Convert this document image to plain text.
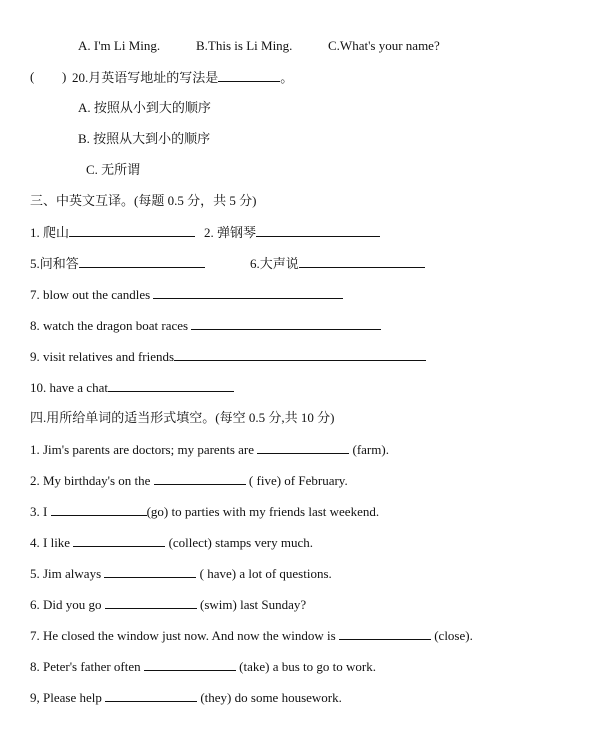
A. I'm Li Ming.	B.This is Li Ming.	C.What's your name?
( ) 20.月英语写地址的写法是	。
A. 按照从小到大的顺序
B. 按照从大到小的顺序
C. 无所谓
三、中英文互译。(每题 0.5 分，共 5 分)
1. 爬山	2. 弹钢琴
5.问和答	6.大声说
7. blow out the candles
8. watch the dragon boat races
9. visit relatives and friends
10. have a chat
四.用所给单词的适当形式填空。(每空 0.5 分,共 10 分)
1. Jim's parents are doctors; my parents are	(farm).
2. My birthday's on the	( five) of February.
3. I	(go) to parties with my friends last weekend.
4. I like	(collect) stamps very much.
5. Jim always	( have) a lot of questions.
6. Did you go	(swim) last Sunday?
7. He closed the window just now. And now the window is	(close).
8. Peter's father often	(take) a bus to go to work.
9, Please help	(they) do some housework.
